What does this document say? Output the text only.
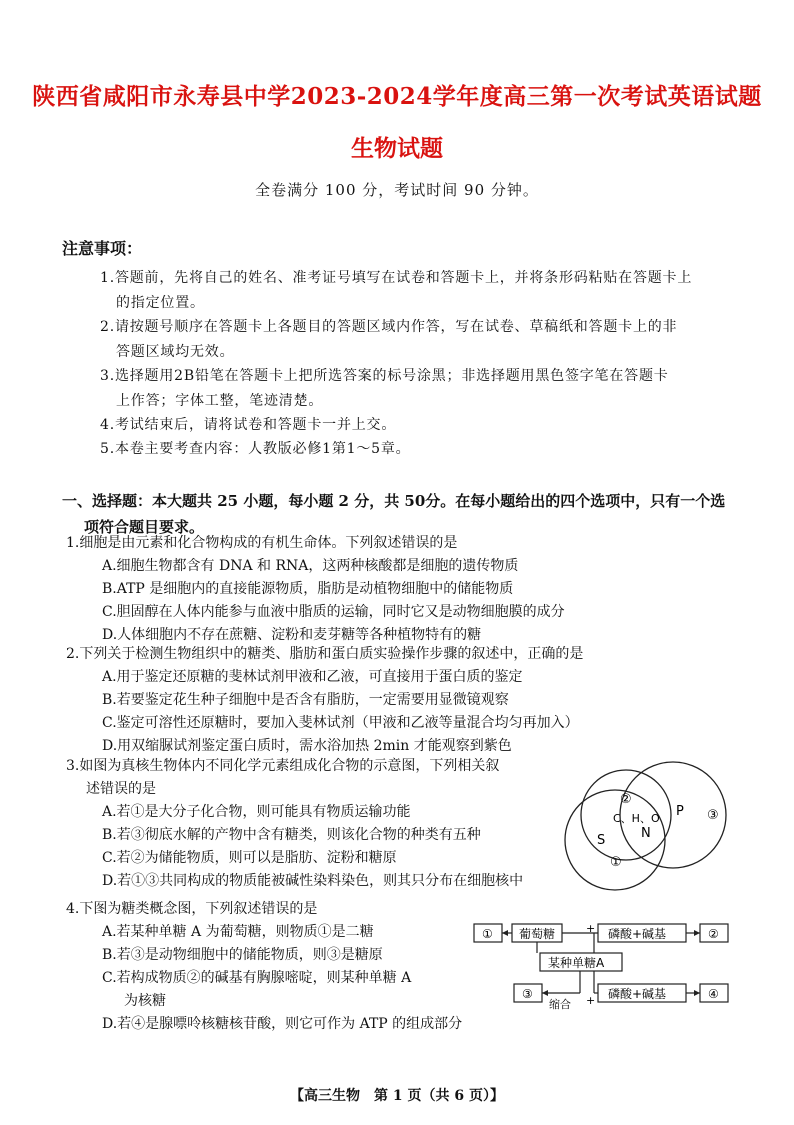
陕西省咸阳市永寿县中学2023-2024学年度高三第一次考试英语试题
生物试题
全卷满分 100 分，考试时间 90 分钟。
注意事项：
1.答题前，先将自己的姓名、准考证号填写在试卷和答题卡上，并将条形码粘贴在答题卡上
的指定位置。
2.请按题号顺序在答题卡上各题目的答题区域内作答，写在试卷、草稿纸和答题卡上的非
答题区域均无效。
3.选择题用2B铅笔在答题卡上把所选答案的标号涂黑；非选择题用黑色签字笔在答题卡
上作答；字体工整，笔迹清楚。
4.考试结束后，请将试卷和答题卡一并上交。
5.本卷主要考查内容：人教版必修1第1～5章。
一、选择题：本大题共 25 小题，每小题 2 分，共 50分。在每小题给出的四个选项中，只有一个选
项符合题目要求。
1.细胞是由元素和化合物构成的有机生命体。下列叙述错误的是
A.细胞生物都含有 DNA 和 RNA，这两种核酸都是细胞的遗传物质
B.ATP 是细胞内的直接能源物质，脂肪是动植物细胞中的储能物质
C.胆固醇在人体内能参与血液中脂质的运输，同时它又是动物细胞膜的成分
D.人体细胞内不存在蔗糖、淀粉和麦芽糖等各种植物特有的糖
2.下列关于检测生物组织中的糖类、脂肪和蛋白质实验操作步骤的叙述中，正确的是
A.用于鉴定还原糖的斐林试剂甲液和乙液，可直接用于蛋白质的鉴定
B.若要鉴定花生种子细胞中是否含有脂肪，一定需要用显微镜观察
C.鉴定可溶性还原糖时，要加入斐林试剂（甲液和乙液等量混合均匀再加入）
D.用双缩脲试剂鉴定蛋白质时，需水浴加热 2min 才能观察到紫色
3.如图为真核生物体内不同化学元素组成化合物的示意图，下列相关叙
述错误的是
A.若①是大分子化合物，则可能具有物质运输功能
B.若③彻底水解的产物中含有糖类，则该化合物的种类有五种
C.若②为储能物质，则可以是脂肪、淀粉和糖原
D.若①③共同构成的物质能被碱性染料染色，则其只分布在细胞核中
②
③
P
S
①
N
C、H、O
4.下图为糖类概念图，下列叙述错误的是
A.若某种单糖 A 为葡萄糖，则物质①是二糖
B.若③是动物细胞中的储能物质，则③是糖原
C.若构成物质②的碱基有胸腺嘧啶，则某种单糖 A
为核糖
D.若④是腺嘌呤核糖核苷酸，则它可作为 ATP 的组成部分
① 葡萄糖	+ 磷酸+碱基	②
某种单糖A
③
缩合 + 磷酸+碱基	④
【高三生物　第 1 页（共 6 页）】
